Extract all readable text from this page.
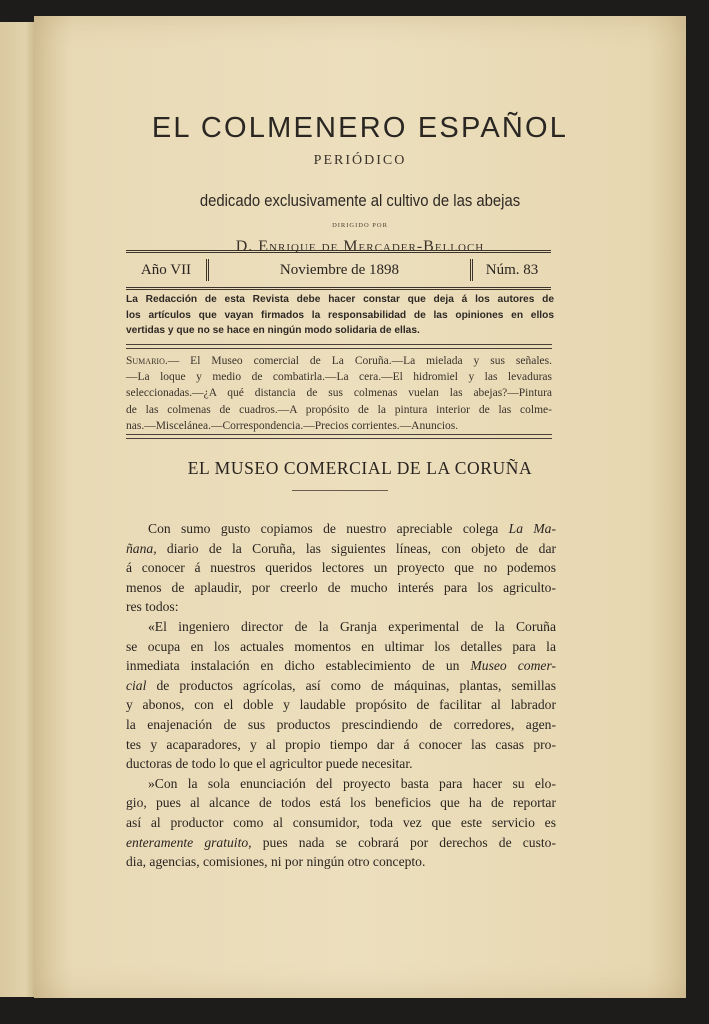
EL COLMENERO ESPAÑOL
PERIÓDICO
dedicado exclusivamente al cultivo de las abejas
DIRIGIDO POR
D. Enrique de Mercader-Belloch
Año VII	Noviembre de 1898	Núm. 83
La Redacción de esta Revista debe hacer constar que deja á los autores de
los artículos que vayan firmados la responsabilidad de las opiniones en ellos
vertidas y que no se hace en ningún modo solidaria de ellas.
Sumario.— El Museo comercial de La Coruña.—La mielada y sus señales.
—La loque y medio de combatirla.—La cera.—El hidromiel y las levaduras
seleccionadas.—¿A qué distancia de sus colmenas vuelan las abejas?—Pintura
de las colmenas de cuadros.—A propósito de la pintura interior de las colme-
nas.—Miscelánea.—Correspondencia.—Precios corrientes.—Anuncios.
EL MUSEO COMERCIAL DE LA CORUÑA
Con sumo gusto copiamos de nuestro apreciable colega La Ma-
ñana, diario de la Coruña, las siguientes líneas, con objeto de dar
á conocer á nuestros queridos lectores un proyecto que no podemos
menos de aplaudir, por creerlo de mucho interés para los agriculto-
res todos:
«El ingeniero director de la Granja experimental de la Coruña
se ocupa en los actuales momentos en ultimar los detalles para la
inmediata instalación en dicho establecimiento de un Museo comer-
cial de productos agrícolas, así como de máquinas, plantas, semillas
y abonos, con el doble y laudable propósito de facilitar al labrador
la enajenación de sus productos prescindiendo de corredores, agen-
tes y acaparadores, y al propio tiempo dar á conocer las casas pro-
ductoras de todo lo que el agricultor puede necesitar.
»Con la sola enunciación del proyecto basta para hacer su elo-
gio, pues al alcance de todos está los beneficios que ha de reportar
así al productor como al consumidor, toda vez que este servicio es
enteramente gratuito, pues nada se cobrará por derechos de custo-
dia, agencias, comisiones, ni por ningún otro concepto.
